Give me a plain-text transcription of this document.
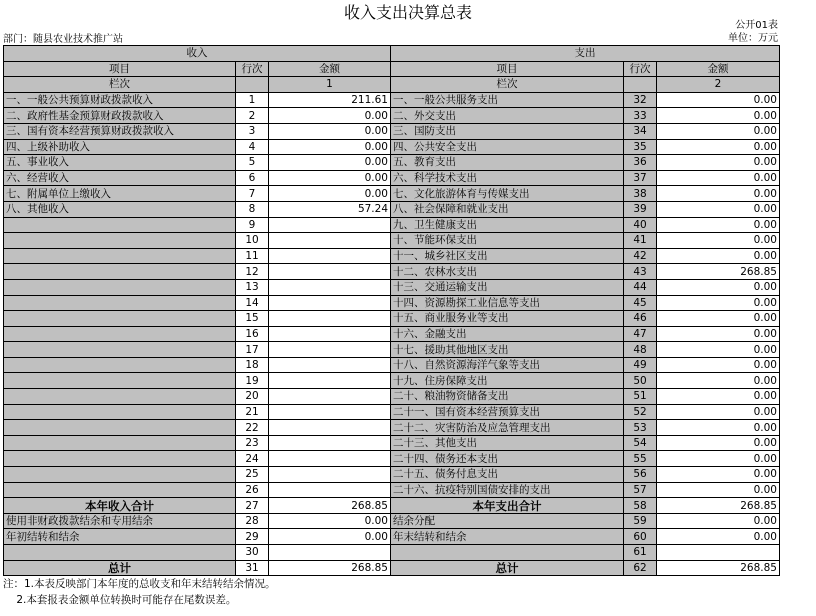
收入支出决算总表
公开01表
部门：随县农业技术推广站	单位：万元
收入			支出		
项目	行次	金额	项目	行次	金额
栏次		1	栏次		2
一、一般公共预算财政拨款收入	1	211.61	一、一般公共服务支出	32	0.00
二、政府性基金预算财政拨款收入	2	0.00	二、外交支出	33	0.00
三、国有资本经营预算财政拨款收入	3	0.00	三、国防支出	34	0.00
四、上级补助收入	4	0.00	四、公共安全支出	35	0.00
五、事业收入	5	0.00	五、教育支出	36	0.00
六、经营收入	6	0.00	六、科学技术支出	37	0.00
七、附属单位上缴收入	7	0.00	七、文化旅游体育与传媒支出	38	0.00
八、其他收入	8	57.24	八、社会保障和就业支出	39	0.00
	9		九、卫生健康支出	40	0.00
	10		十、节能环保支出	41	0.00
	11		十一、城乡社区支出	42	0.00
	12		十二、农林水支出	43	268.85
	13		十三、交通运输支出	44	0.00
	14		十四、资源勘探工业信息等支出	45	0.00
	15		十五、商业服务业等支出	46	0.00
	16		十六、金融支出	47	0.00
	17		十七、援助其他地区支出	48	0.00
	18		十八、自然资源海洋气象等支出	49	0.00
	19		十九、住房保障支出	50	0.00
	20		二十、粮油物资储备支出	51	0.00
	21		二十一、国有资本经营预算支出	52	0.00
	22		二十二、灾害防治及应急管理支出	53	0.00
	23		二十三、其他支出	54	0.00
	24		二十四、债务还本支出	55	0.00
	25		二十五、债务付息支出	56	0.00
	26		二十六、抗疫特别国债安排的支出	57	0.00
本年收入合计	27	268.85	本年支出合计	58	268.85
使用非财政拨款结余和专用结余	28	0.00	结余分配	59	0.00
年初结转和结余	29	0.00	年末结转和结余	60	0.00
	30			61	
总计	31	268.85	总计	62	268.85
注：1.本表反映部门本年度的总收支和年末结转结余情况。
2.本套报表金额单位转换时可能存在尾数误差。
